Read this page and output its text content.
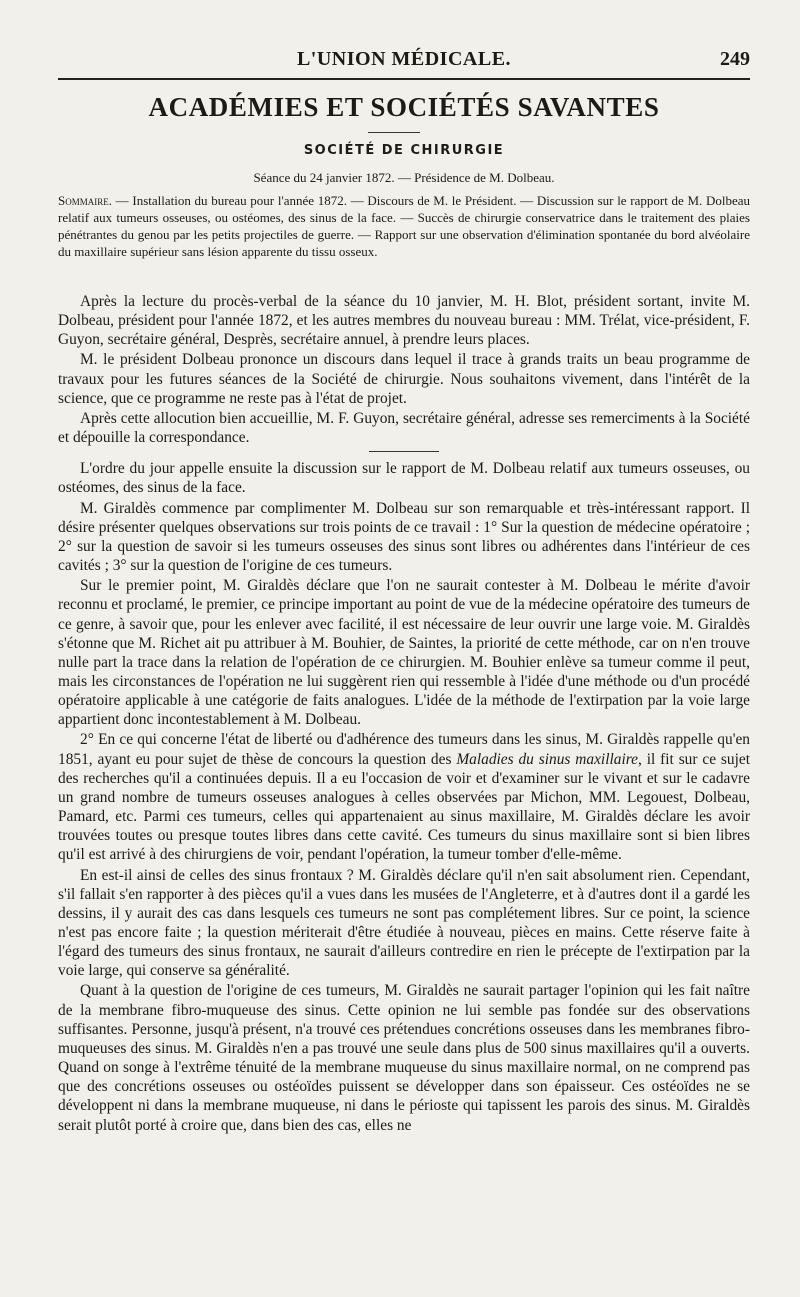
L'UNION MÉDICALE.	249
ACADÉMIES ET SOCIÉTÉS SAVANTES
SOCIÉTÉ DE CHIRURGIE
Séance du 24 janvier 1872. — Présidence de M. Dolbeau.
Sommaire. — Installation du bureau pour l'année 1872. — Discours de M. le Président. — Discussion sur le rapport de M. Dolbeau relatif aux tumeurs osseuses, ou ostéomes, des sinus de la face. — Succès de chirurgie conservatrice dans le traitement des plaies pénétrantes du genou par les petits projectiles de guerre. — Rapport sur une observation d'élimination spontanée du bord alvéolaire du maxillaire supérieur sans lésion apparente du tissu osseux.

Après la lecture du procès-verbal de la séance du 10 janvier, M. H. Blot, président sortant, invite M. Dolbeau, président pour l'année 1872, et les autres membres du nouveau bureau : MM. Trélat, vice-président, F. Guyon, secrétaire général, Desprès, secrétaire annuel, à prendre leurs places.

M. le président Dolbeau prononce un discours dans lequel il trace à grands traits un beau programme de travaux pour les futures séances de la Société de chirurgie. Nous souhaitons vivement, dans l'intérêt de la science, que ce programme ne reste pas à l'état de projet.

Après cette allocution bien accueillie, M. F. Guyon, secrétaire général, adresse ses remerciments à la Société et dépouille la correspondance.

L'ordre du jour appelle ensuite la discussion sur le rapport de M. Dolbeau relatif aux tumeurs osseuses, ou ostéomes, des sinus de la face.

M. Giraldès commence par complimenter M. Dolbeau sur son remarquable et très-intéressant rapport. Il désire présenter quelques observations sur trois points de ce travail : 1° Sur la question de médecine opératoire ; 2° sur la question de savoir si les tumeurs osseuses des sinus sont libres ou adhérentes dans l'intérieur de ces cavités ; 3° sur la question de l'origine de ces tumeurs.

Sur le premier point, M. Giraldès déclare que l'on ne saurait contester à M. Dolbeau le mérite d'avoir reconnu et proclamé, le premier, ce principe important au point de vue de la médecine opératoire des tumeurs de ce genre, à savoir que, pour les enlever avec facilité, il est nécessaire de leur ouvrir une large voie. M. Giraldès s'étonne que M. Richet ait pu attribuer à M. Bouhier, de Saintes, la priorité de cette méthode, car on n'en trouve nulle part la trace dans la relation de l'opération de ce chirurgien. M. Bouhier enlève sa tumeur comme il peut, mais les circonstances de l'opération ne lui suggèrent rien qui ressemble à l'idée d'une méthode ou d'un procédé opératoire applicable à une catégorie de faits analogues. L'idée de la méthode de l'extirpation par la voie large appartient donc incontestablement à M. Dolbeau.

2° En ce qui concerne l'état de liberté ou d'adhérence des tumeurs dans les sinus, M. Giraldès rappelle qu'en 1851, ayant eu pour sujet de thèse de concours la question des Maladies du sinus maxillaire, il fit sur ce sujet des recherches qu'il a continuées depuis. Il a eu l'occasion de voir et d'examiner sur le vivant et sur le cadavre un grand nombre de tumeurs osseuses analogues à celles observées par Michon, MM. Legouest, Dolbeau, Pamard, etc. Parmi ces tumeurs, celles qui appartenaient au sinus maxillaire, M. Giraldès déclare les avoir trouvées toutes ou presque toutes libres dans cette cavité. Ces tumeurs du sinus maxillaire sont si bien libres qu'il est arrivé à des chirurgiens de voir, pendant l'opération, la tumeur tomber d'elle-même.

En est-il ainsi de celles des sinus frontaux ? M. Giraldès déclare qu'il n'en sait absolument rien. Cependant, s'il fallait s'en rapporter à des pièces qu'il a vues dans les musées de l'Angleterre, et à d'autres dont il a gardé les dessins, il y aurait des cas dans lesquels ces tumeurs ne sont pas complétement libres. Sur ce point, la science n'est pas encore faite ; la question mériterait d'être étudiée à nouveau, pièces en mains. Cette réserve faite à l'égard des tumeurs des sinus frontaux, ne saurait d'ailleurs contredire en rien le précepte de l'extirpation par la voie large, qui conserve sa généralité.

Quant à la question de l'origine de ces tumeurs, M. Giraldès ne saurait partager l'opinion qui les fait naître de la membrane fibro-muqueuse des sinus. Cette opinion ne lui semble pas fondée sur des observations suffisantes. Personne, jusqu'à présent, n'a trouvé ces prétendues concrétions osseuses dans les membranes fibro-muqueuses des sinus. M. Giraldès n'en a pas trouvé une seule dans plus de 500 sinus maxillaires qu'il a ouverts. Quand on songe à l'extrême ténuité de la membrane muqueuse du sinus maxillaire normal, on ne comprend pas que des concrétions osseuses ou ostéoïdes puissent se développer dans son épaisseur. Ces ostéoïdes ne se développent ni dans la membrane muqueuse, ni dans le périoste qui tapissent les parois des sinus. M. Giraldès serait plutôt porté à croire que, dans bien des cas, elles ne
